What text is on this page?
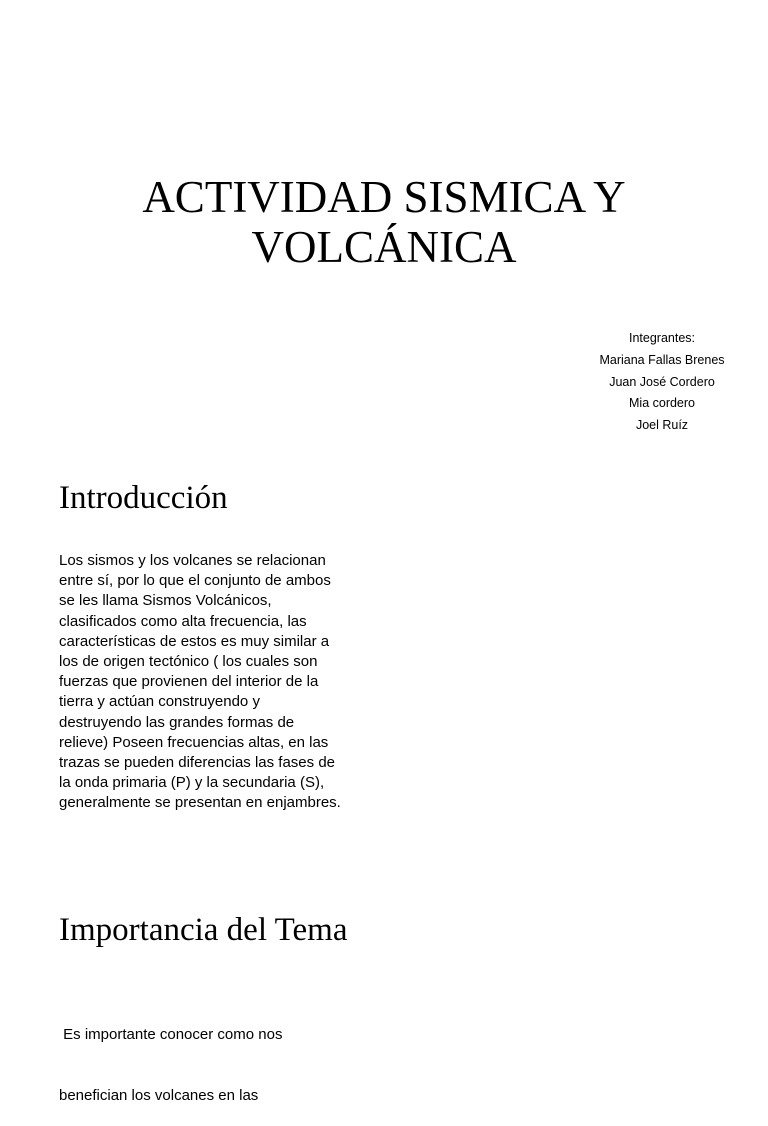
ACTIVIDAD SISMICA Y
VOLCÁNICA
Integrantes:
Mariana Fallas Brenes
Juan José Cordero
Mia cordero
Joel Ruíz
Introducción

Los sismos y los volcanes se relacionan
entre sí, por lo que el conjunto de ambos
se les llama Sismos Volcánicos,
clasificados como alta frecuencia, las
características de estos es muy similar a
los de origen tectónico ( los cuales son
fuerzas que provienen del interior de la
tierra y actúan construyendo y
destruyendo las grandes formas de
relieve) Poseen frecuencias altas, en las
trazas se pueden diferencias las fases de
la onda primaria (P) y la secundaria (S),
generalmente se presentan en enjambres.

Importancia del Tema

Es importante conocer como nos

benefician los volcanes en las
